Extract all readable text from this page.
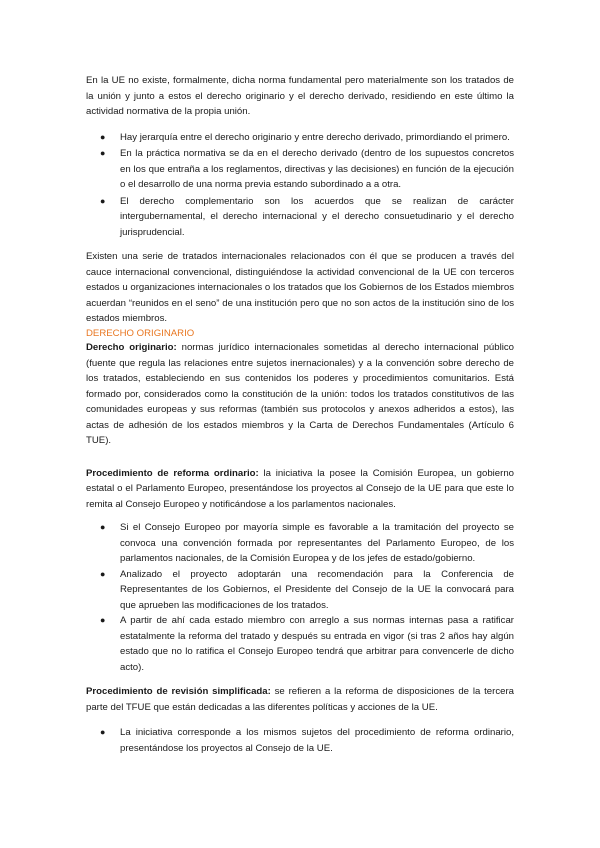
En la UE no existe, formalmente, dicha norma fundamental pero materialmente son los tratados de la unión y junto a estos el derecho originario y el derecho derivado, residiendo en este último la actividad normativa de la propia unión.

● Hay jerarquía entre el derecho originario y entre derecho derivado, primordiando el primero.
● En la práctica normativa se da en el derecho derivado (dentro de los supuestos concretos en los que entraña a los reglamentos, directivas y las decisiones) en función de la ejecución o el desarrollo de una norma previa estando subordinado a a otra.
● El derecho complementario son los acuerdos que se realizan de carácter intergubernamental, el derecho internacional y el derecho consuetudinario y el derecho jurisprudencial.

Existen una serie de tratados internacionales relacionados con él que se producen a través del cauce internacional convencional, distinguiéndose la actividad convencional de la UE con terceros estados u organizaciones internacionales o los tratados que los Gobiernos de los Estados miembros acuerdan “reunidos en el seno” de una institución pero que no son actos de la institución sino de los estados miembros.

DERECHO ORIGINARIO

Derecho originario: normas jurídico internacionales sometidas al derecho internacional público (fuente que regula las relaciones entre sujetos inernacionales) y a la convención sobre derecho de los tratados, estableciendo en sus contenidos los poderes y procedimientos comunitarios. Está formado por, considerados como la constitución de la unión: todos los tratados constitutivos de las comunidades europeas y sus reformas (también sus protocolos y anexos adheridos a estos), las actas de adhesión de los estados miembros y la Carta de Derechos Fundamentales (Artículo 6 TUE).

Procedimiento de reforma ordinario: la iniciativa la posee la Comisión Europea, un gobierno estatal o el Parlamento Europeo, presentándose los proyectos al Consejo de la UE para que este lo remita al Consejo Europeo y notificándose a los parlamentos nacionales.

● Si el Consejo Europeo por mayoría simple es favorable a la tramitación del proyecto se convoca una convención formada por representantes del Parlamento Europeo, de los parlamentos nacionales, de la Comisión Europea y de los jefes de estado/gobierno.
● Analizado el proyecto adoptarán una recomendación para la Conferencia de Representantes de los Gobiernos, el Presidente del Consejo de la UE la convocará para que aprueben las modificaciones de los tratados.
● A partir de ahí cada estado miembro con arreglo a sus normas internas pasa a ratificar estatalmente la reforma del tratado y después su entrada en vigor (si tras 2 años hay algún estado que no lo ratifica el Consejo Europeo tendrá que arbitrar para convencerle de dicho acto).

Procedimiento de revisión simplificada: se refieren a la reforma de disposiciones de la tercera parte del TFUE que están dedicadas a las diferentes políticas y acciones de la UE.

● La iniciativa corresponde a los mismos sujetos del procedimiento de reforma ordinario, presentándose los proyectos al Consejo de la UE.
